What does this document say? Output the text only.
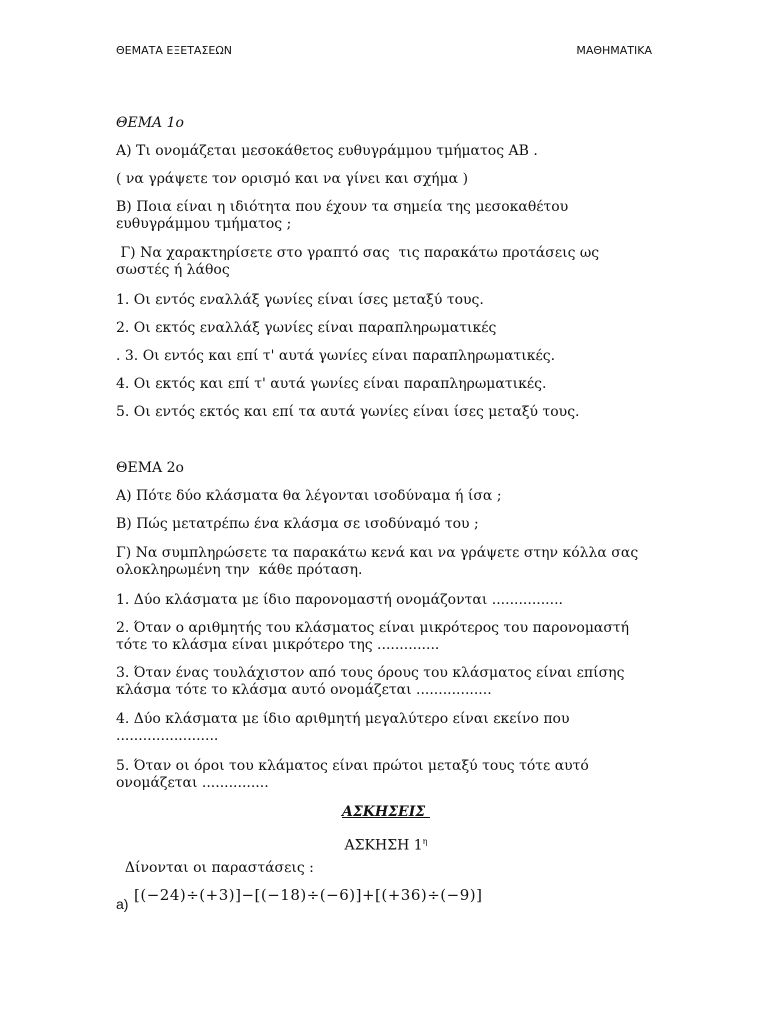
ΘΕΜΑΤΑ ΕΞΕΤΑΣΕΩΝ	ΜΑΘΗΜΑΤΙΚΑ

ΘΕΜΑ 1ο

Α) Τι ονομάζεται μεσοκάθετος ευθυγράμμου τμήματος ΑΒ .

( να γράψετε τον ορισμό και να γίνει και σχήμα )

Β) Ποια είναι η ιδιότητα που έχουν τα σημεία της μεσοκαθέτου ευθυγράμμου τμήματος ;

Γ) Να χαρακτηρίσετε στο γραπτό σας  τις παρακάτω προτάσεις ως σωστές ή λάθος

1. Οι εντός εναλλάξ γωνίες είναι ίσες μεταξύ τους.

2. Οι εκτός εναλλάξ γωνίες είναι παραπληρωματικές

. 3. Οι εντός και επί τ' αυτά γωνίες είναι παραπληρωματικές.

4. Οι εκτός και επί τ' αυτά γωνίες είναι παραπληρωματικές.

5. Οι εντός εκτός και επί τα αυτά γωνίες είναι ίσες μεταξύ τους.

ΘΕΜΑ 2ο

Α) Πότε δύο κλάσματα θα λέγονται ισοδύναμα ή ίσα ;

Β) Πώς μετατρέπω ένα κλάσμα σε ισοδύναμό του ;

Γ) Να συμπληρώσετε τα παρακάτω κενά και να γράψετε στην κόλλα σας ολοκληρωμένη την  κάθε πρόταση.

1. Δύο κλάσματα με ίδιο παρονομαστή ονομάζονται ................

2. Όταν ο αριθμητής του κλάσματος είναι μικρότερος του παρονομαστή τότε το κλάσμα είναι μικρότερο της ..............

3. Όταν ένας τουλάχιστον από τους όρους του κλάσματος είναι επίσης κλάσμα τότε το κλάσμα αυτό ονομάζεται .................

4. Δύο κλάσματα με ίδιο αριθμητή μεγαλύτερο είναι εκείνο που .......................

5. Όταν οι όροι του κλάματος είναι πρώτοι μεταξύ τους τότε αυτό ονομάζεται ...............

ΑΣΚΗΣΕΙΣ

ΑΣΚΗΣΗ $1^\eta$

Δίνονται οι παραστάσεις :

a) [(−24)÷(+3)]−[(−18)÷(−6)]+[(+36)÷(−9)]
